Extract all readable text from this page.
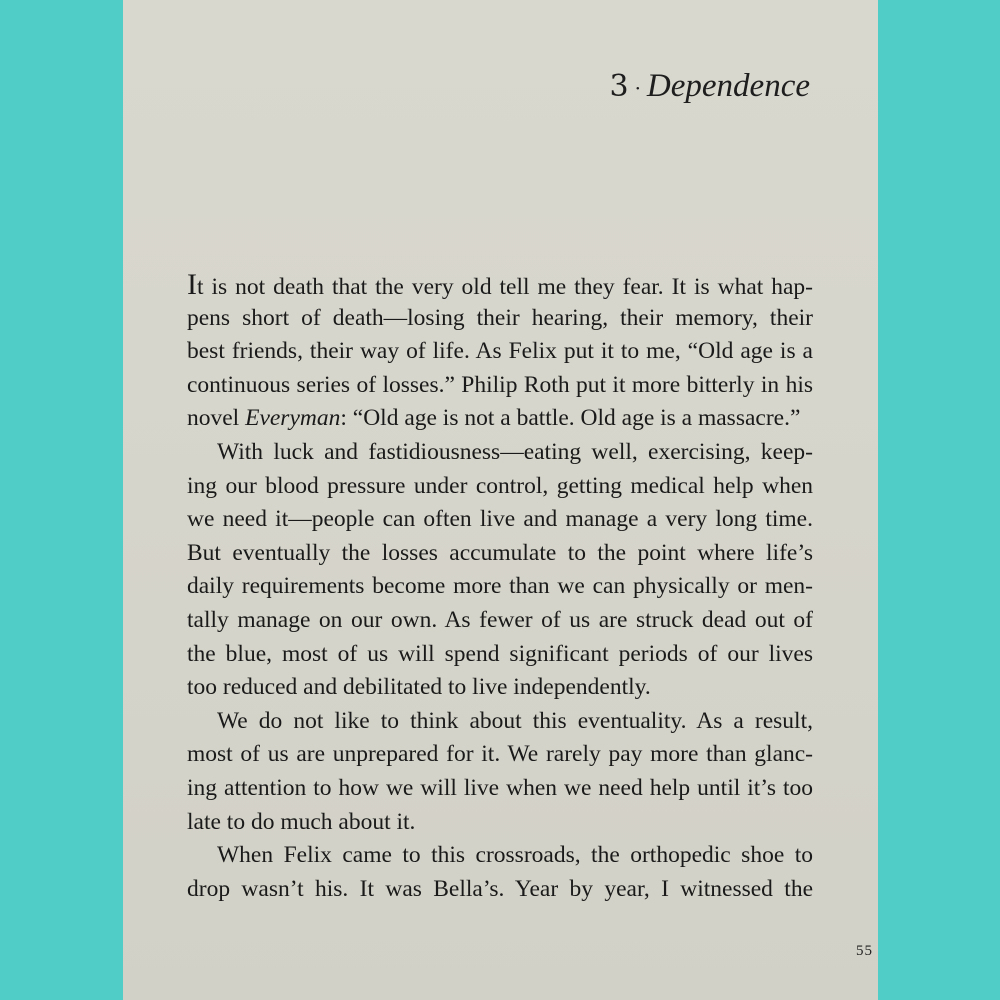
3 · Dependence
It is not death that the very old tell me they fear. It is what hap-
pens short of death—losing their hearing, their memory, their
best friends, their way of life. As Felix put it to me, “Old age is a
continuous series of losses.” Philip Roth put it more bitterly in his
novel Everyman: “Old age is not a battle. Old age is a massacre.”
With luck and fastidiousness—eating well, exercising, keep-
ing our blood pressure under control, getting medical help when
we need it—people can often live and manage a very long time.
But eventually the losses accumulate to the point where life’s
daily requirements become more than we can physically or men-
tally manage on our own. As fewer of us are struck dead out of
the blue, most of us will spend significant periods of our lives
too reduced and debilitated to live independently.
We do not like to think about this eventuality. As a result,
most of us are unprepared for it. We rarely pay more than glanc-
ing attention to how we will live when we need help until it’s too
late to do much about it.
When Felix came to this crossroads, the orthopedic shoe to
drop wasn’t his. It was Bella’s. Year by year, I witnessed the
55
